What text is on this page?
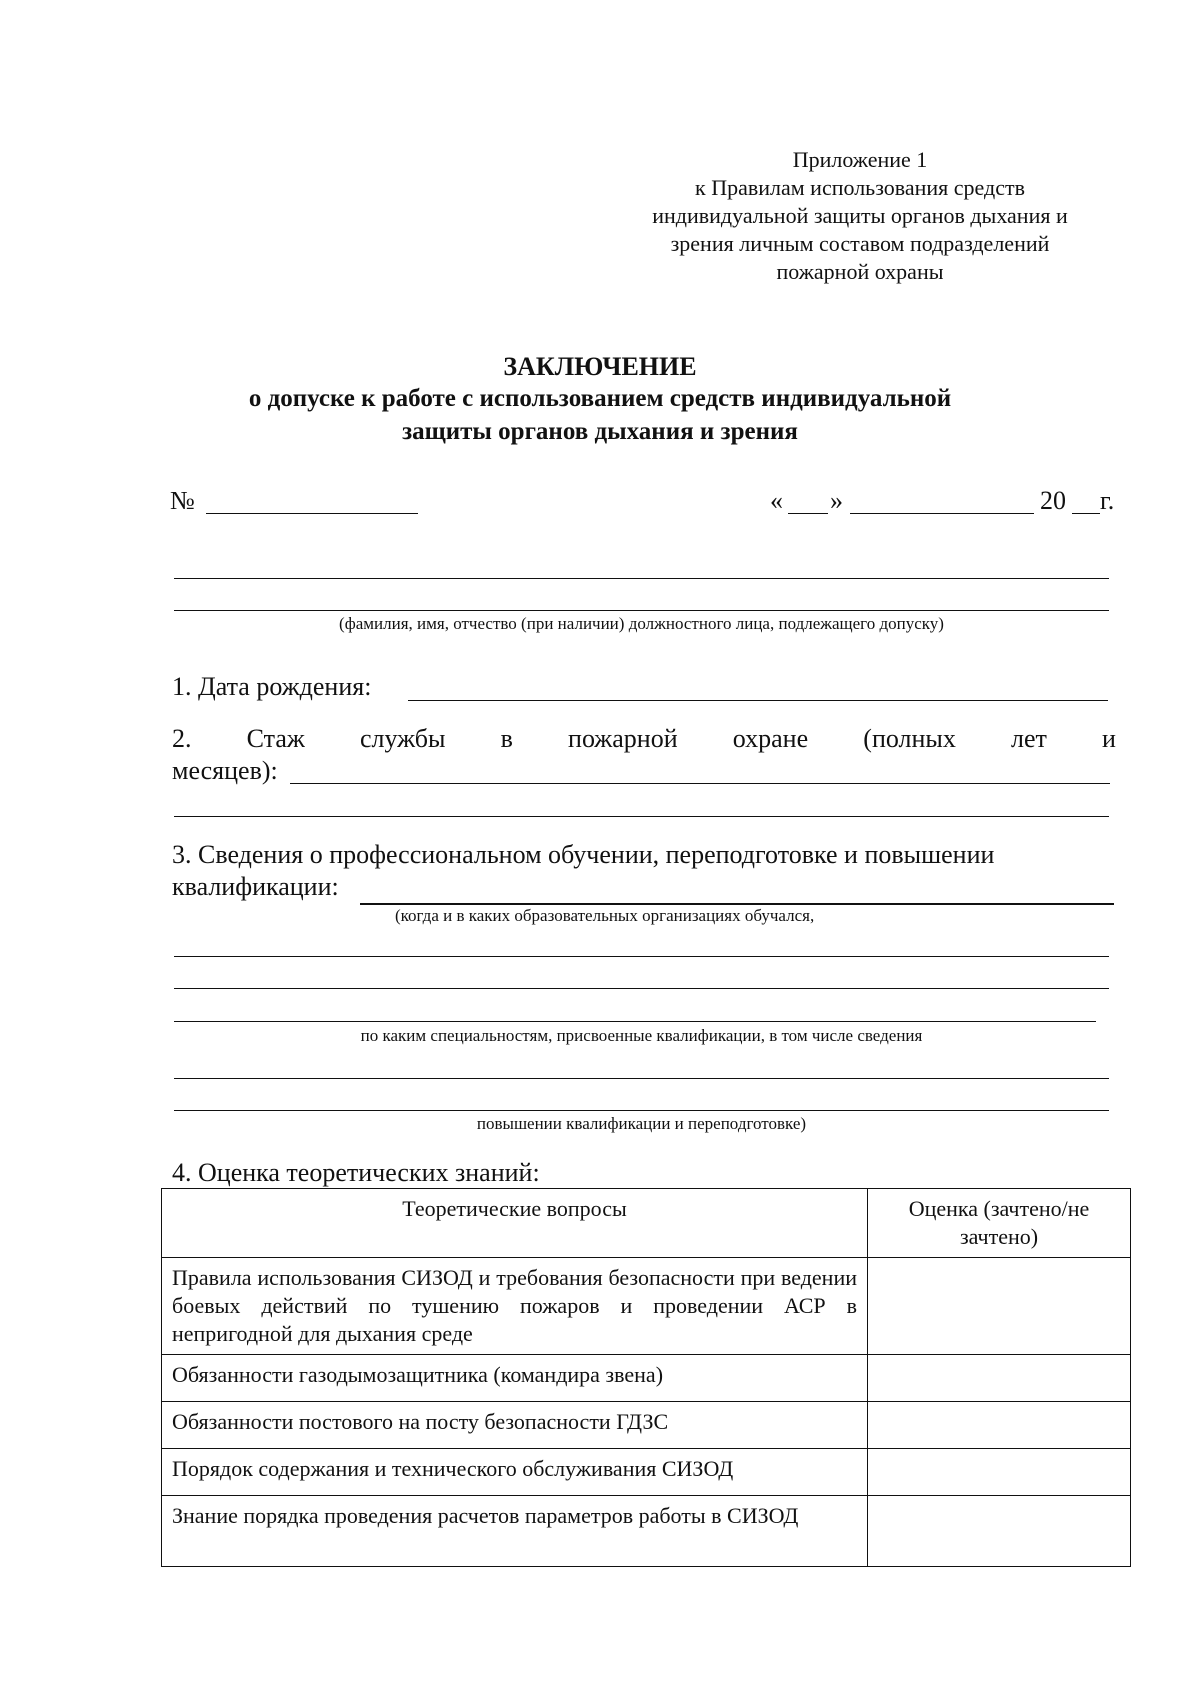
Приложение 1
к Правилам использования средств
индивидуальной защиты органов дыхания и
зрения личным составом подразделений
пожарной охраны
ЗАКЛЮЧЕНИЕ
о допуске к работе с использованием средств индивидуальной
защиты органов дыхания и зрения
№	« »	20 г.
(фамилия, имя, отчество (при наличии) должностного лица, подлежащего допуску)
1. Дата рождения:
2. Стаж службы в пожарной охране (полных лет и
месяцев):
3. Сведения о профессиональном обучении, переподготовке и повышении
квалификации:
(когда и в каких образовательных организациях обучался,
по каким специальностям, присвоенные квалификации, в том числе сведения
повышении квалификации и переподготовке)
4. Оценка теоретических знаний:
Теоретические вопросы	Оценка (зачтено/не зачтено)
Правила использования СИЗОД и требования безопасности при ведении боевых действий по тушению пожаров и проведении АСР в непригодной для дыхания среде	
Обязанности газодымозащитника (командира звена)	
Обязанности постового на посту безопасности ГДЗС	
Порядок содержания и технического обслуживания СИЗОД	
Знание порядка проведения расчетов параметров работы в СИЗОД	
